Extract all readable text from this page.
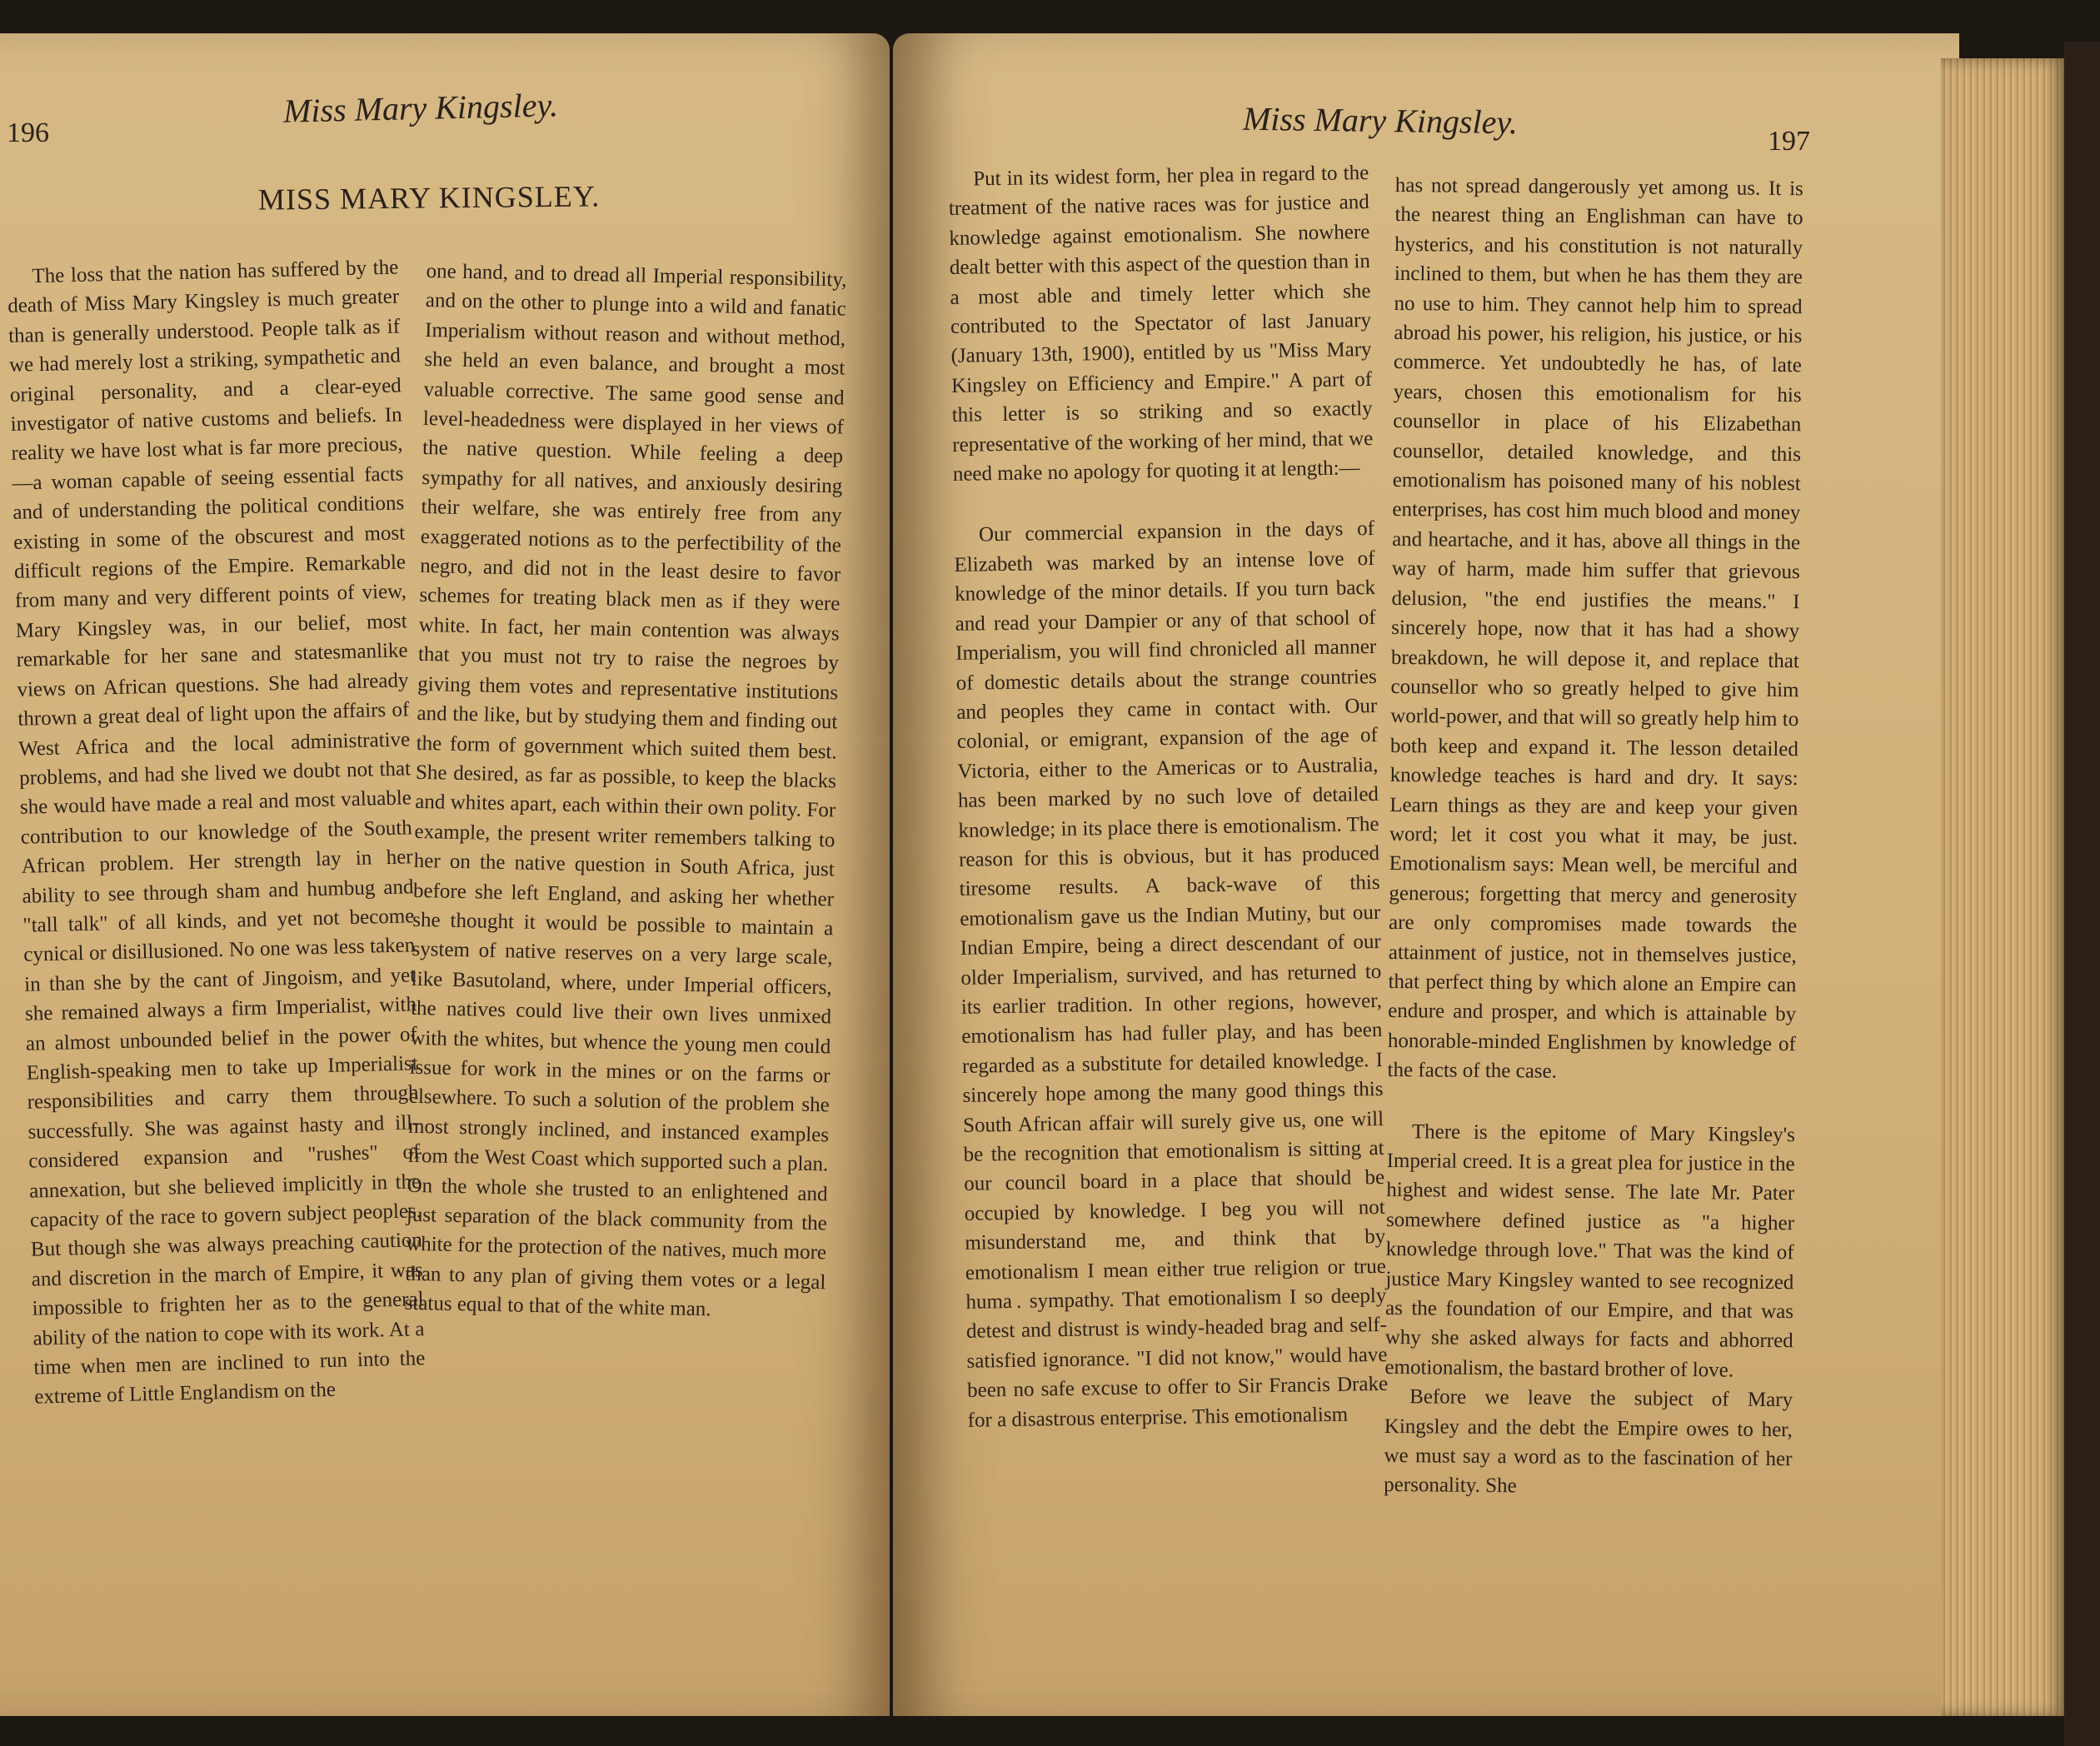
196
Miss Mary Kingsley.	Miss Mary Kingsley.
197
MISS MARY KINGSLEY.

The loss that the nation has suffered by the death of Miss Mary Kingsley is much greater than is generally understood. People talk as if we had merely lost a striking, sympathetic and original personality, and a clear-eyed investigator of native customs and beliefs. In reality we have lost what is far more precious,—a woman capable of seeing essential facts and of understanding the political conditions existing in some of the obscurest and most difficult regions of the Empire. Remarkable from many and very different points of view, Mary Kingsley was, in our belief, most remarkable for her sane and statesmanlike views on African questions. She had already thrown a great deal of light upon the affairs of West Africa and the local administrative problems, and had she lived we doubt not that she would have made a real and most valuable contribution to our knowledge of the South African problem. Her strength lay in her ability to see through sham and humbug and "tall talk" of all kinds, and yet not become cynical or disillusioned. No one was less taken in than she by the cant of Jingoism, and yet she remained always a firm Imperialist, with an almost unbounded belief in the power of English-speaking men to take up Imperialist responsibilities and carry them through successfully. She was against hasty and ill-considered expansion and "rushes" of annexation, but she believed implicitly in the capacity of the race to govern subject peoples. But though she was always preaching caution and discretion in the march of Empire, it was impossible to frighten her as to the general ability of the nation to cope with its work. At a time when men are inclined to run into the extreme of Little Englandism on the

one hand, and to dread all Imperial responsibility, and on the other to plunge into a wild and fanatic Imperialism without reason and without method, she held an even balance, and brought a most valuable corrective. The same good sense and level-headedness were displayed in her views of the native question. While feeling a deep sympathy for all natives, and anxiously desiring their welfare, she was entirely free from any exaggerated notions as to the perfectibility of the negro, and did not in the least desire to favor schemes for treating black men as if they were white. In fact, her main contention was always that you must not try to raise the negroes by giving them votes and representative institutions and the like, but by studying them and finding out the form of government which suited them best. She desired, as far as possible, to keep the blacks and whites apart, each within their own polity. For example, the present writer remembers talking to her on the native question in South Africa, just before she left England, and asking her whether she thought it would be possible to maintain a system of native reserves on a very large scale, like Basutoland, where, under Imperial officers, the natives could live their own lives unmixed with the whites, but whence the young men could issue for work in the mines or on the farms or elsewhere. To such a solution of the problem she most strongly inclined, and instanced examples from the West Coast which supported such a plan. On the whole she trusted to an enlightened and just separation of the black community from the white for the protection of the natives, much more than to any plan of giving them votes or a legal status equal to that of the white man.

Put in its widest form, her plea in regard to the treatment of the native races was for justice and knowledge against emotionalism. She nowhere dealt better with this aspect of the question than in a most able and timely letter which she contributed to the Spectator of last January (January 13th, 1900), entitled by us "Miss Mary Kingsley on Efficiency and Empire." A part of this letter is so striking and so exactly representative of the working of her mind, that we need make no apology for quoting it at length:—

Our commercial expansion in the days of Elizabeth was marked by an intense love of knowledge of the minor details. If you turn back and read your Dampier or any of that school of Imperialism, you will find chronicled all manner of domestic details about the strange countries and peoples they came in contact with. Our colonial, or emigrant, expansion of the age of Victoria, either to the Americas or to Australia, has been marked by no such love of detailed knowledge; in its place there is emotionalism. The reason for this is obvious, but it has produced tiresome results. A back-wave of this emotionalism gave us the Indian Mutiny, but our Indian Empire, being a direct descendant of our older Imperialism, survived, and has returned to its earlier tradition. In other regions, however, emotionalism has had fuller play, and has been regarded as a substitute for detailed knowledge. I sincerely hope among the many good things this South African affair will surely give us, one will be the recognition that emotionalism is sitting at our council board in a place that should be occupied by knowledge. I beg you will not misunderstand me, and think that by emotionalism I mean either true religion or true huma . sympathy. That emotionalism I so deeply detest and distrust is windy-headed brag and self-satisfied ignorance. "I did not know," would have been no safe excuse to offer to Sir Francis Drake for a disastrous enterprise. This emotionalism

has not spread dangerously yet among us. It is the nearest thing an Englishman can have to hysterics, and his constitution is not naturally inclined to them, but when he has them they are no use to him. They cannot help him to spread abroad his power, his religion, his justice, or his commerce. Yet undoubtedly he has, of late years, chosen this emotionalism for his counsellor in place of his Elizabethan counsellor, detailed knowledge, and this emotionalism has poisoned many of his noblest enterprises, has cost him much blood and money and heartache, and it has, above all things in the way of harm, made him suffer that grievous delusion, "the end justifies the means." I sincerely hope, now that it has had a showy breakdown, he will depose it, and replace that counsellor who so greatly helped to give him world-power, and that will so greatly help him to both keep and expand it. The lesson detailed knowledge teaches is hard and dry. It says: Leаrn things as they are and keep your given word; let it cost you what it may, be just. Emotionalism says: Mean well, be merciful and generous; forgetting that mercy and generosity are only compromises made towards the attainment of justice, not in themselves justice, that perfect thing by which alone an Empire can endure and prosper, and which is attainable by honorable-minded Englishmen by knowledge of the facts of the case.

There is the epitome of Mary Kingsley's Imperial creed. It is a great plea for justice in the highest and widest sense. The late Mr. Pater somewhere defined justice as "a higher knowledge through love." That was the kind of justice Mary Kingsley wanted to see recognized as the foundation of our Empire, and that was why she asked always for facts and abhorred emotionalism, the bastard brother of love.

Before we leave the subject of Mary Kingsley and the debt the Empire owes to her, we must say a word as to the fascination of her personality. She
